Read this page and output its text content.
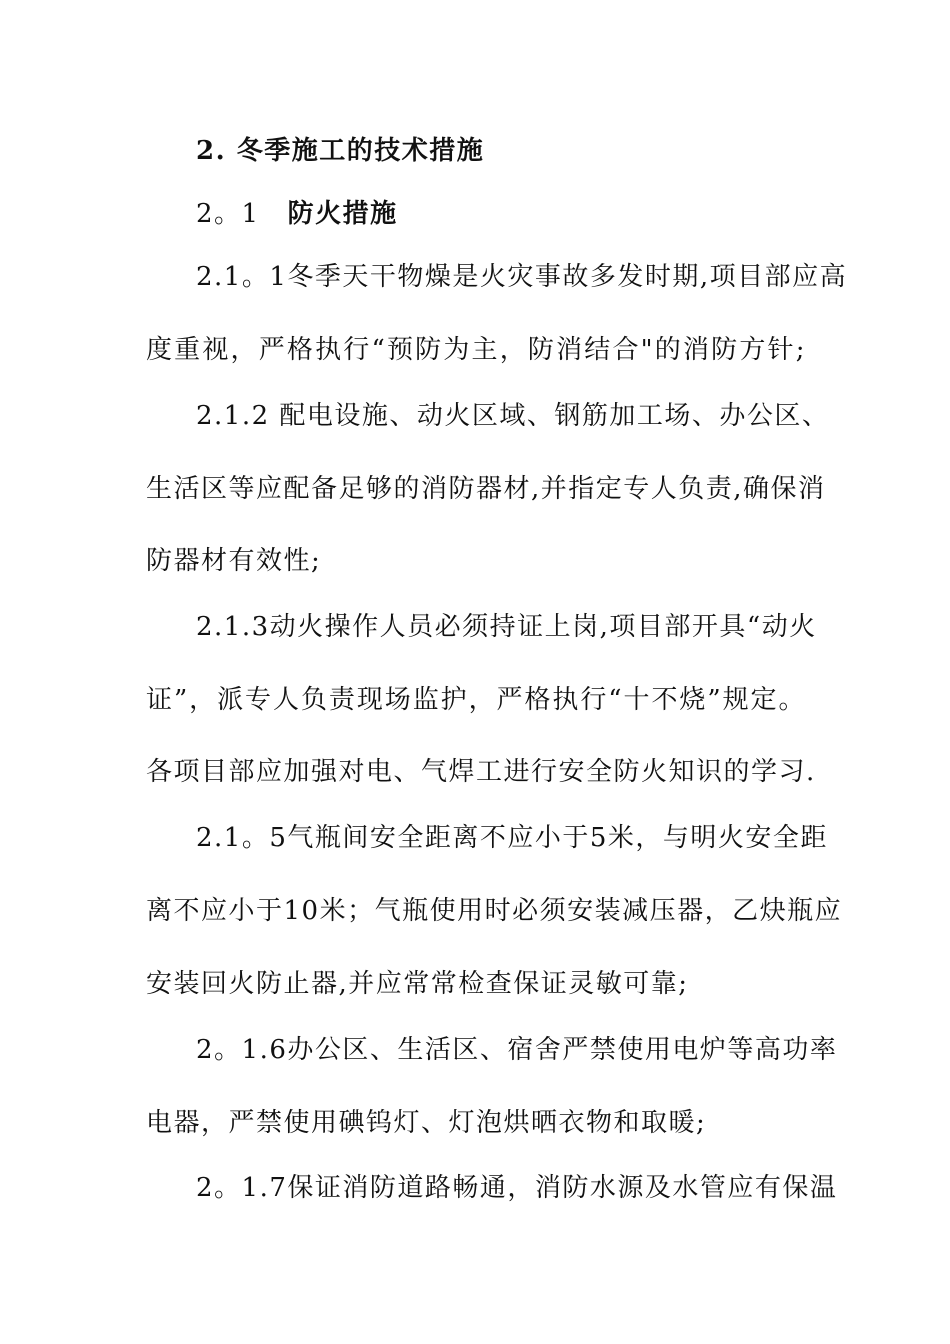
2. 冬季施工的技术措施
2。1 防火措施
2.1。1冬季天干物燥是火灾事故多发时期,项目部应高
度重视，严格执行“预防为主，防消结合"的消防方针;
2.1.2 配电设施、动火区域、钢筋加工场、办公区、
生活区等应配备足够的消防器材,并指定专人负责,确保消
防器材有效性;
2.1.3动火操作人员必须持证上岗,项目部开具“动火
证”，派专人负责现场监护，严格执行“十不烧”规定。
各项目部应加强对电、气焊工进行安全防火知识的学习.
2.1。5气瓶间安全距离不应小于5米，与明火安全距
离不应小于10米；气瓶使用时必须安装减压器，乙炔瓶应
安装回火防止器,并应常常检查保证灵敏可靠;
2。1.6办公区、生活区、宿舍严禁使用电炉等高功率
电器，严禁使用碘钨灯、灯泡烘晒衣物和取暖;
2。1.7保证消防道路畅通，消防水源及水管应有保温
